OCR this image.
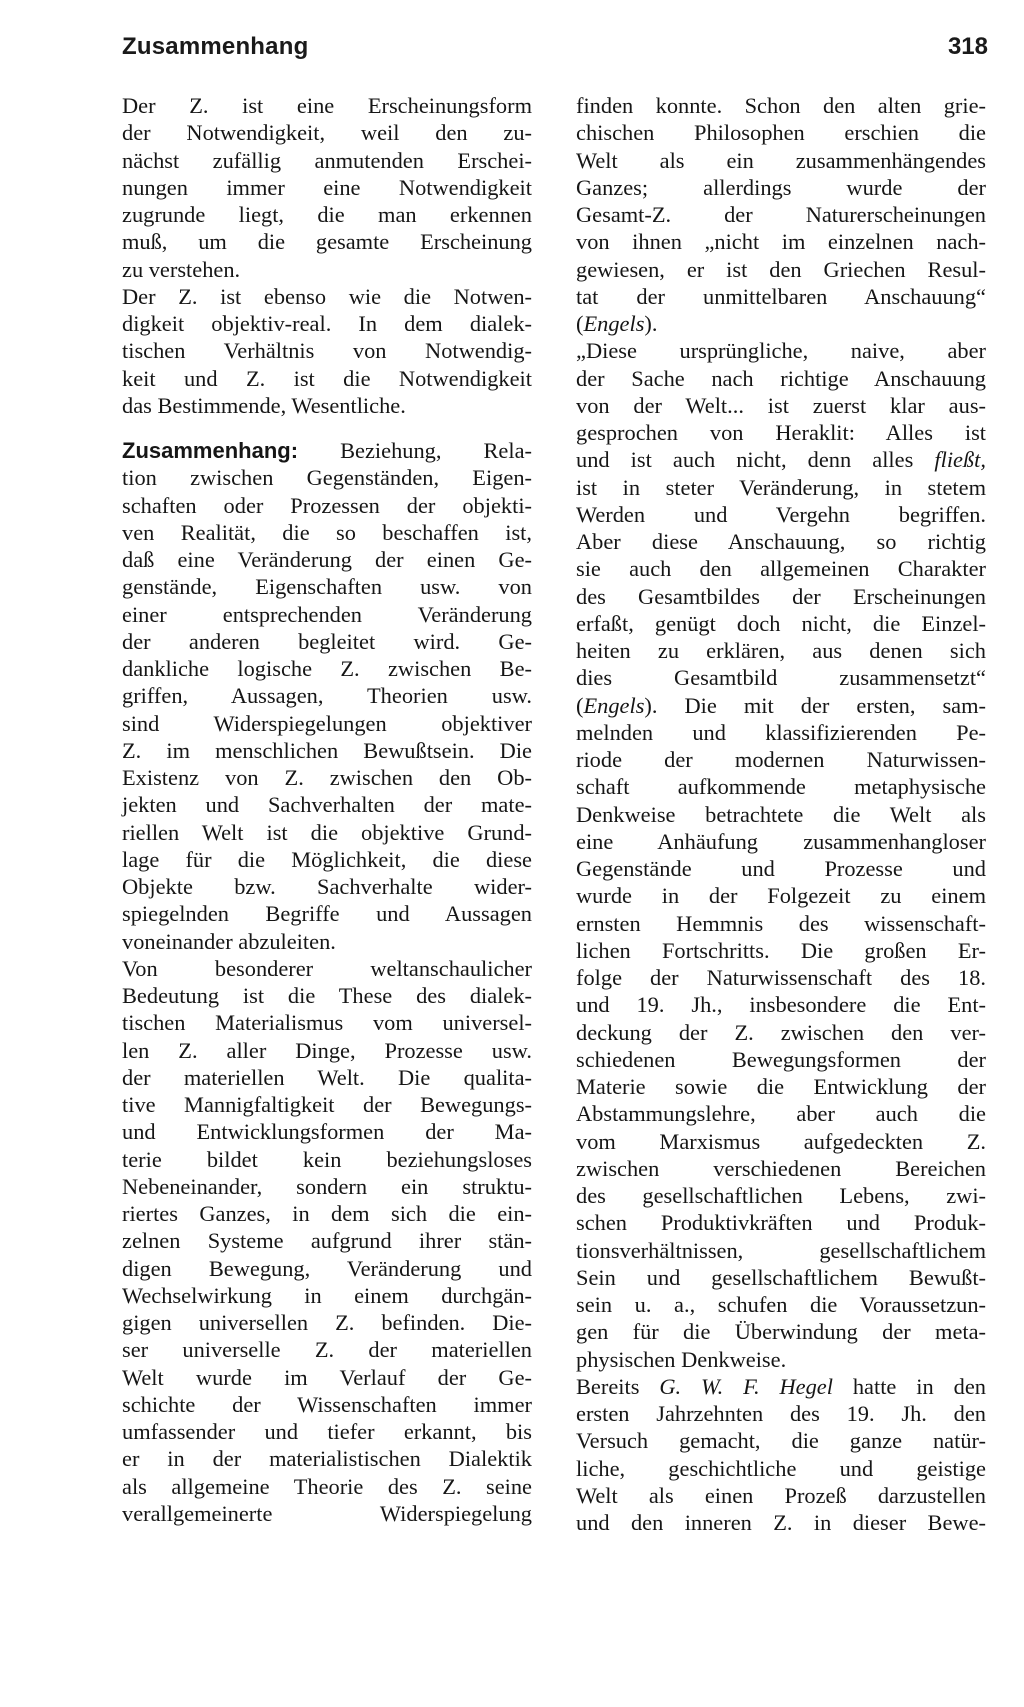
Zusammenhang	318
Der Z. ist eine Erscheinungsform
der Notwendigkeit, weil den zu-
nächst zufällig anmutenden Erschei-
nungen immer eine Notwendigkeit
zugrunde liegt, die man erkennen
muß, um die gesamte Erscheinung
zu verstehen.
Der Z. ist ebenso wie die Notwen-
digkeit objektiv-real. In dem dialek-
tischen Verhältnis von Notwendig-
keit und Z. ist die Notwendigkeit
das Bestimmende, Wesentliche.
Zusammenhang: Beziehung, Rela-
tion zwischen Gegenständen, Eigen-
schaften oder Prozessen der objekti-
ven Realität, die so beschaffen ist,
daß eine Veränderung der einen Ge-
genstände, Eigenschaften usw. von
einer entsprechenden Veränderung
der anderen begleitet wird. Ge-
dankliche logische Z. zwischen Be-
griffen, Aussagen, Theorien usw.
sind Widerspiegelungen objektiver
Z. im menschlichen Bewußtsein. Die
Existenz von Z. zwischen den Ob-
jekten und Sachverhalten der mate-
riellen Welt ist die objektive Grund-
lage für die Möglichkeit, die diese
Objekte bzw. Sachverhalte wider-
spiegelnden Begriffe und Aussagen
voneinander abzuleiten.
Von besonderer weltanschaulicher
Bedeutung ist die These des dialek-
tischen Materialismus vom universel-
len Z. aller Dinge, Prozesse usw.
der materiellen Welt. Die qualita-
tive Mannigfaltigkeit der Bewegungs-
und Entwicklungsformen der Ma-
terie bildet kein beziehungsloses
Nebeneinander, sondern ein struktu-
riertes Ganzes, in dem sich die ein-
zelnen Systeme aufgrund ihrer stän-
digen Bewegung, Veränderung und
Wechselwirkung in einem durchgän-
gigen universellen Z. befinden. Die-
ser universelle Z. der materiellen
Welt wurde im Verlauf der Ge-
schichte der Wissenschaften immer
umfassender und tiefer erkannt, bis
er in der materialistischen Dialektik
als allgemeine Theorie des Z. seine
verallgemeinerte Widerspiegelung
finden konnte. Schon den alten grie-
chischen Philosophen erschien die
Welt als ein zusammenhängendes
Ganzes; allerdings wurde der
Gesamt-Z. der Naturerscheinungen
von ihnen „nicht im einzelnen nach-
gewiesen, er ist den Griechen Resul-
tat der unmittelbaren Anschauung“
(Engels).
„Diese ursprüngliche, naive, aber
der Sache nach richtige Anschauung
von der Welt... ist zuerst klar aus-
gesprochen von Heraklit: Alles ist
und ist auch nicht, denn alles fließt,
ist in steter Veränderung, in stetem
Werden und Vergehn begriffen.
Aber diese Anschauung, so richtig
sie auch den allgemeinen Charakter
des Gesamtbildes der Erscheinungen
erfaßt, genügt doch nicht, die Einzel-
heiten zu erklären, aus denen sich
dies Gesamtbild zusammensetzt“
(Engels). Die mit der ersten, sam-
melnden und klassifizierenden Pe-
riode der modernen Naturwissen-
schaft aufkommende metaphysische
Denkweise betrachtete die Welt als
eine Anhäufung zusammenhangloser
Gegenstände und Prozesse und
wurde in der Folgezeit zu einem
ernsten Hemmnis des wissenschaft-
lichen Fortschritts. Die großen Er-
folge der Naturwissenschaft des 18.
und 19. Jh., insbesondere die Ent-
deckung der Z. zwischen den ver-
schiedenen Bewegungsformen der
Materie sowie die Entwicklung der
Abstammungslehre, aber auch die
vom Marxismus aufgedeckten Z.
zwischen verschiedenen Bereichen
des gesellschaftlichen Lebens, zwi-
schen Produktivkräften und Produk-
tionsverhältnissen, gesellschaftlichem
Sein und gesellschaftlichem Bewußt-
sein u. a., schufen die Voraussetzun-
gen für die Überwindung der meta-
physischen Denkweise.
Bereits G. W. F. Hegel hatte in den
ersten Jahrzehnten des 19. Jh. den
Versuch gemacht, die ganze natür-
liche, geschichtliche und geistige
Welt als einen Prozeß darzustellen
und den inneren Z. in dieser Bewe-
